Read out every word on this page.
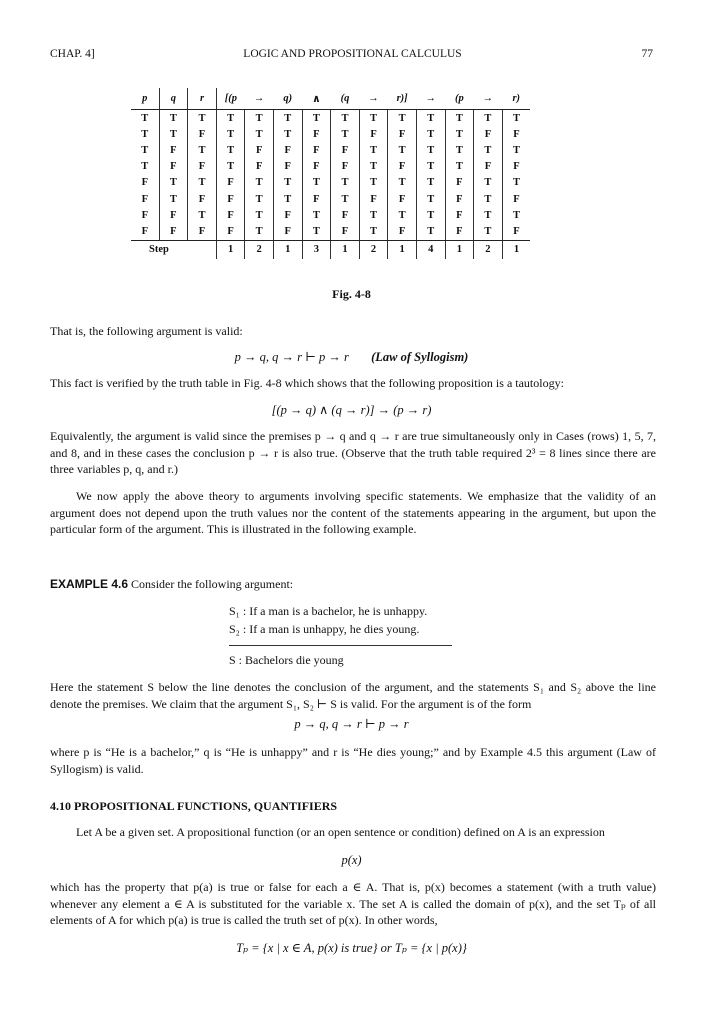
CHAP. 4]	LOGIC AND PROPOSITIONAL CALCULUS	77
p	q	r	[(p	→	q)	∧	(q	→	r)]	→	(p	→	r)
T	T	T	T	T	T	T	T	T	T	T	T	T	T
T	T	F	T	T	T	F	T	F	F	T	T	F	F
T	F	T	T	F	F	F	F	T	T	T	T	T	T
T	F	F	T	F	F	F	F	T	F	T	T	F	F
F	T	T	F	T	T	T	T	T	T	T	F	T	T
F	T	F	F	T	T	F	T	F	F	T	F	T	F
F	F	T	F	T	F	T	F	T	T	T	F	T	T
F	F	F	F	T	F	T	F	T	F	T	F	T	F
Step			1	2	1	3	1	2	1	4	1	2	1
Fig. 4-8
That is, the following argument is valid:
p → q, q → r ⊢ p → r (Law of Syllogism)
This fact is verified by the truth table in Fig. 4-8 which shows that the following proposition is a tautology:
[(p → q) ∧ (q → r)] → (p → r)
Equivalently, the argument is valid since the premises p → q and q → r are true simultaneously only in Cases (rows) 1, 5, 7, and 8, and in these cases the conclusion p → r is also true. (Observe that the truth table required 2³ = 8 lines since there are three variables p, q, and r.)
We now apply the above theory to arguments involving specific statements. We emphasize that the validity of an argument does not depend upon the truth values nor the content of the statements appearing in the argument, but upon the particular form of the argument. This is illustrated in the following example.
EXAMPLE 4.6 Consider the following argument:
S₁ : If a man is a bachelor, he is unhappy.
S₂ : If a man is unhappy, he dies young.
S : Bachelors die young
Here the statement S below the line denotes the conclusion of the argument, and the statements S₁ and S₂ above the line denote the premises. We claim that the argument S₁, S₂ ⊢ S is valid. For the argument is of the form
p → q, q → r ⊢ p → r
where p is “He is a bachelor,” q is “He is unhappy” and r is “He dies young;” and by Example 4.5 this argument (Law of Syllogism) is valid.
4.10 PROPOSITIONAL FUNCTIONS, QUANTIFIERS
Let A be a given set. A propositional function (or an open sentence or condition) defined on A is an expression
p(x)
which has the property that p(a) is true or false for each a ∈ A. That is, p(x) becomes a statement (with a truth value) whenever any element a ∈ A is substituted for the variable x. The set A is called the domain of p(x), and the set Tₚ of all elements of A for which p(a) is true is called the truth set of p(x). In other words,
Tₚ = {x | x ∈ A, p(x) is true} or Tₚ = {x | p(x)}
